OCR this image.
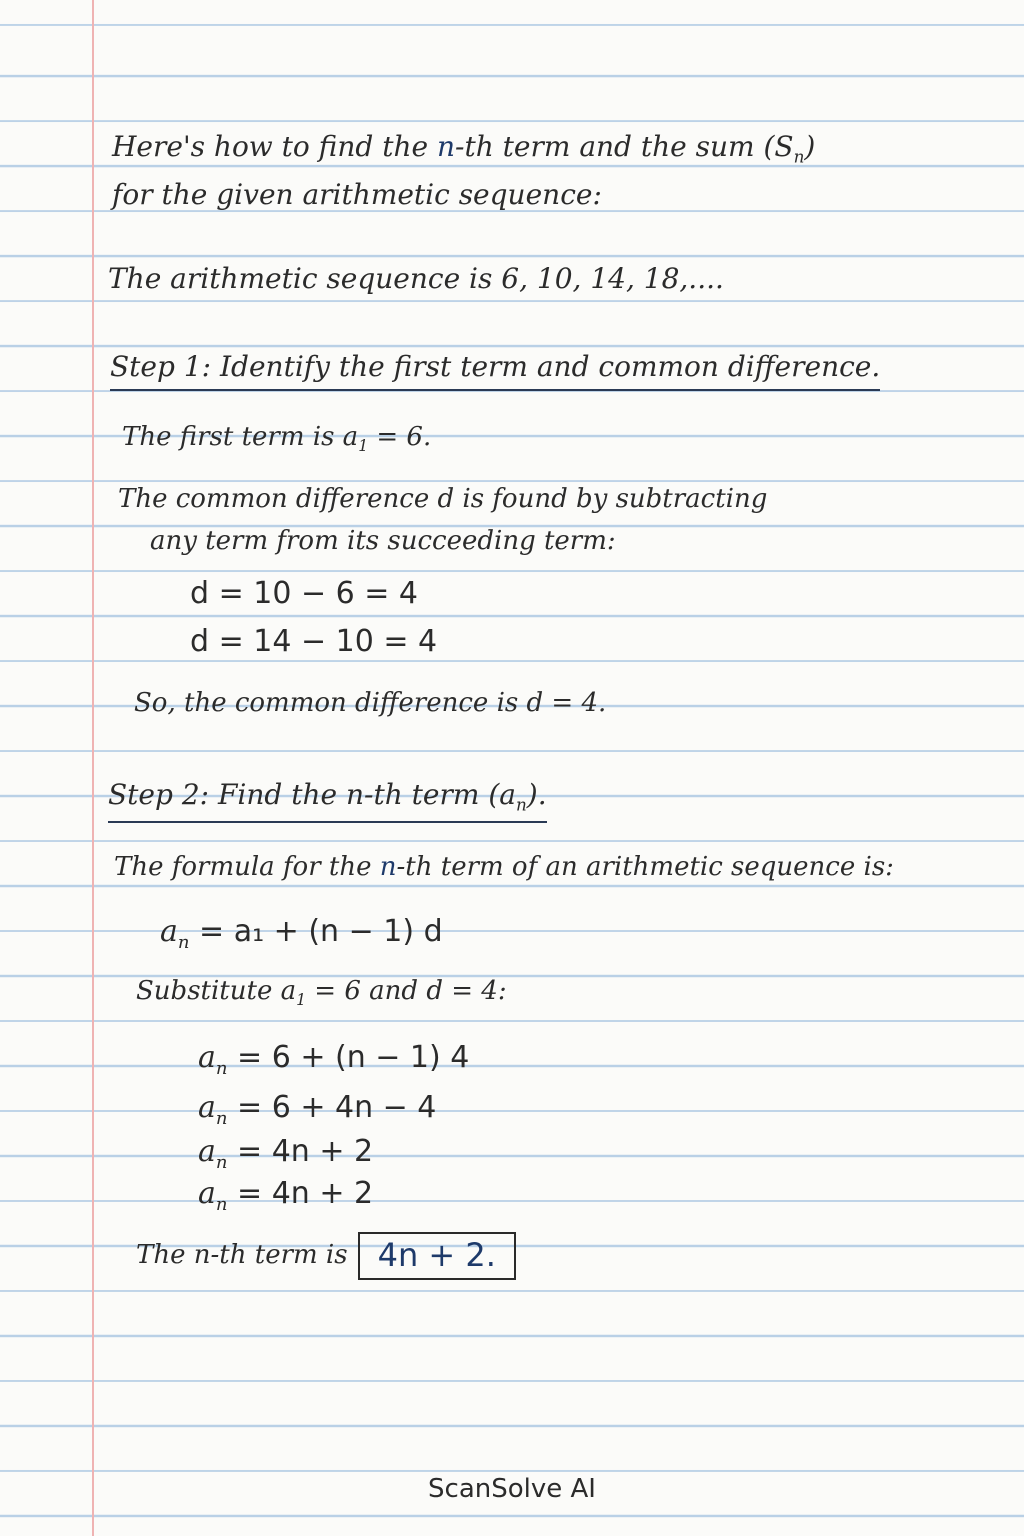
Here's how to find the n-th term and the sum $(S_n)$
for the given arithmetic sequence:
The arithmetic sequence is 6, 10, 14, 18,....
Step 1: Identify the first term and common difference.
The first term is $a_1 = 6$.
The common difference d is found by subtracting
any term from its succeeding term:
d = 10 − 6 = 4
d = 14 − 10 = 4
So, the common difference is d = 4.
Step 2: Find the n-th term $(a_n)$.
The formula for the n-th term of an arithmetic sequence is:
$a_n = a_1 + (n - 1)$ d
Substitute $a_1 = 6$ and d = 4:
$a_n = 6 + (n - 1)$ 4
$a_n = 6 + 4n - 4$
$a_n = 4n + 2$
$a_n = 4n + 2$
The n-th term is 4n + 2.
ScanSolve AI
